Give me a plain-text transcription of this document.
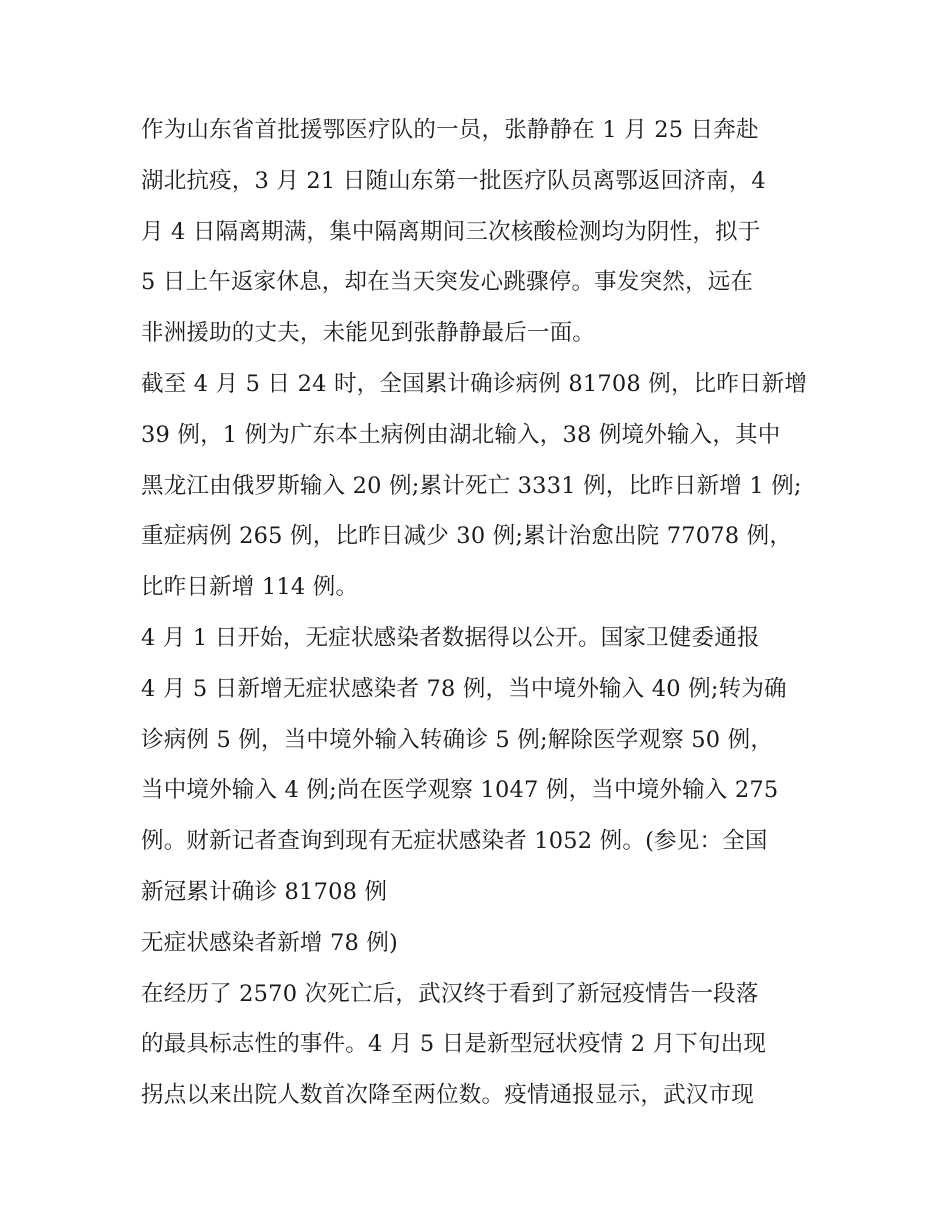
作为山东省首批援鄂医疗队的一员，张静静在 1 月 25 日奔赴
湖北抗疫，3 月 21 日随山东第一批医疗队员离鄂返回济南，4
月 4 日隔离期满，集中隔离期间三次核酸检测均为阴性，拟于
5 日上午返家休息，却在当天突发心跳骤停。事发突然，远在
非洲援助的丈夫，未能见到张静静最后一面。
截至 4 月 5 日 24 时，全国累计确诊病例 81708 例，比昨日新增
39 例，1 例为广东本土病例由湖北输入，38 例境外输入，其中
黑龙江由俄罗斯输入 20 例;累计死亡 3331 例，比昨日新增 1 例;
重症病例 265 例，比昨日减少 30 例;累计治愈出院 77078 例，
比昨日新增 114 例。
4 月 1 日开始，无症状感染者数据得以公开。国家卫健委通报
4 月 5 日新增无症状感染者 78 例，当中境外输入 40 例;转为确
诊病例 5 例，当中境外输入转确诊 5 例;解除医学观察 50 例，
当中境外输入 4 例;尚在医学观察 1047 例，当中境外输入 275
例。财新记者查询到现有无症状感染者 1052 例。(参见：全国
新冠累计确诊 81708 例
无症状感染者新增 78 例)
在经历了 2570 次死亡后，武汉终于看到了新冠疫情告一段落
的最具标志性的事件。4 月 5 日是新型冠状疫情 2 月下旬出现
拐点以来出院人数首次降至两位数。疫情通报显示，武汉市现
